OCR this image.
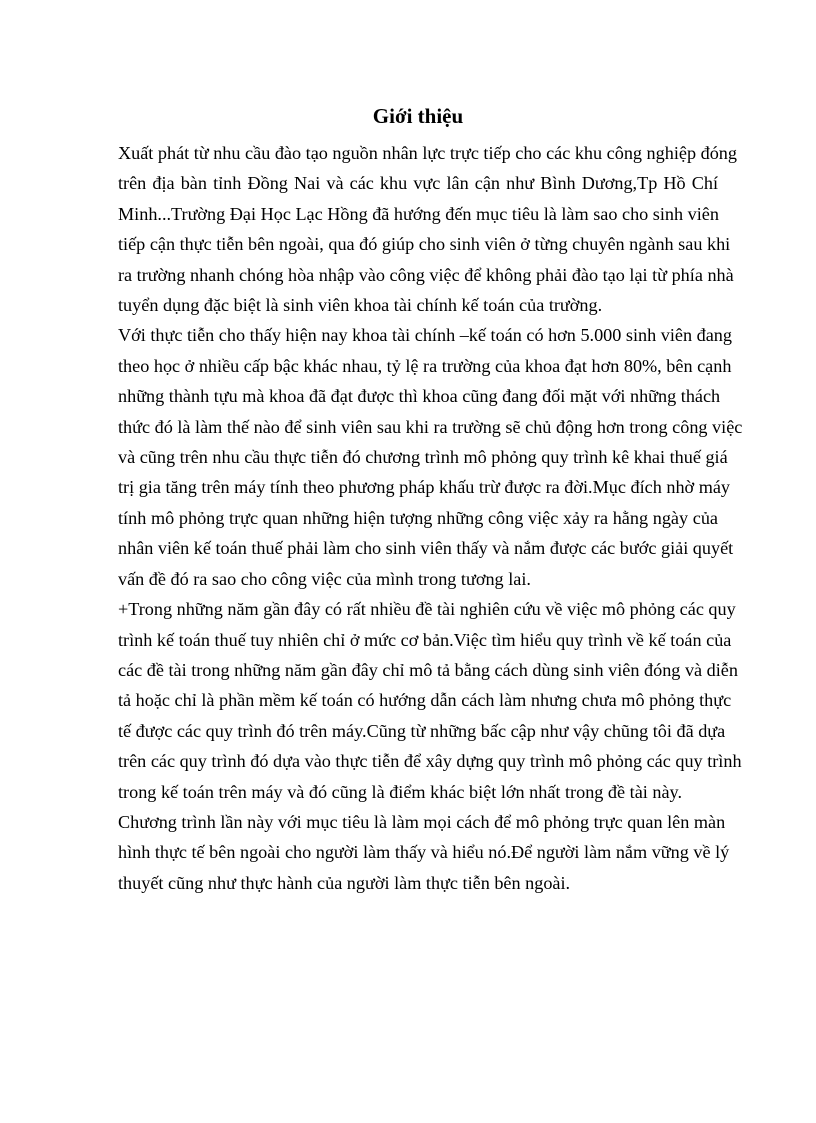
Giới thiệu
Xuất phát từ nhu cầu đào tạo nguồn nhân lực trực tiếp cho các khu công nghiệp đóng
trên địa bàn tỉnh Đồng Nai và các khu vực lân cận như Bình Dương,Tp Hồ Chí
Minh...Trường Đại Học Lạc Hồng đã hướng đến mục tiêu là làm sao cho sinh viên
tiếp cận thực tiễn bên ngoài, qua đó giúp cho sinh viên ở từng chuyên ngành sau khi
ra trường nhanh chóng hòa nhập vào công việc để không phải đào tạo lại từ phía nhà
tuyển dụng đặc biệt là sinh viên khoa tài chính kế toán của trường.
Với thực tiễn cho thấy hiện nay khoa tài chính –kế toán có hơn 5.000 sinh viên đang
theo học ở nhiều cấp bậc khác nhau, tỷ lệ ra trường của khoa đạt hơn 80%, bên cạnh
những thành tựu mà khoa đã đạt được thì khoa cũng đang đối mặt với những thách
thức đó là làm thế nào để sinh viên sau khi ra trường sẽ chủ động hơn trong công việc
và cũng trên nhu cầu thực tiễn đó chương trình mô phỏng quy trình kê khai thuế giá
trị gia tăng trên máy tính theo phương pháp khấu trừ được ra đời.Mục đích nhờ máy
tính mô phỏng trực quan những hiện tượng những công việc xảy ra hằng ngày của
nhân viên kế toán thuế phải làm cho sinh viên thấy và nắm được các bước giải quyết
vấn đề đó ra sao cho công việc của mình trong tương lai.
+Trong những năm gần đây có rất nhiều đề tài nghiên cứu về việc mô phỏng các quy
trình kế toán thuế tuy nhiên chỉ ở mức cơ bản.Việc tìm hiểu quy trình về kế toán của
các đề tài trong những năm gần đây chỉ mô tả bằng cách dùng sinh viên đóng và diễn
tả hoặc chỉ là phần mềm kế toán có hướng dẫn cách làm nhưng chưa mô phỏng thực
tế được các quy trình đó trên máy.Cũng từ những bấc cập như vậy chũng tôi đã dựa
trên các quy trình đó dựa vào thực tiễn để xây dựng quy trình mô phỏng các quy trình
trong kế toán trên máy và đó cũng là điểm khác biệt lớn nhất trong đề tài này.
Chương trình lần này với mục tiêu là làm mọi cách để mô phỏng trực quan lên màn
hình thực tế bên ngoài cho người làm thấy và hiểu nó.Để người làm nắm vững về lý
thuyết cũng như thực hành của người làm thực tiễn bên ngoài.
